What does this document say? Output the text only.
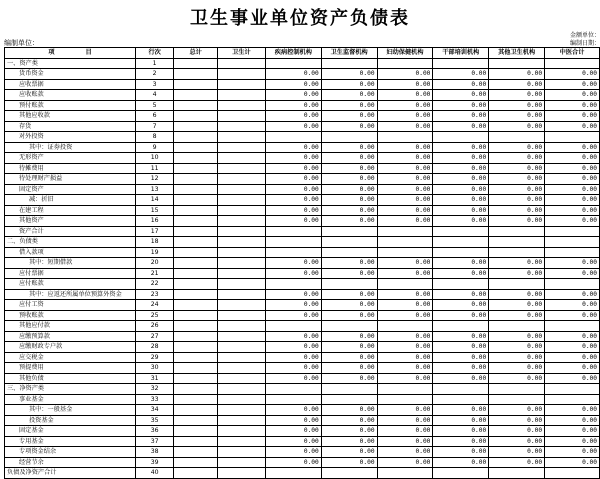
卫生事业单位资产负债表
金额单位：
编制日期：
编制单位：
项　　　　　目	行次	总计	卫生计	疾病控制机构	卫生监督机构	妇幼保健机构	干部培训机构	其他卫生机构	中医合计
一、资产类	1								
货币资金	2			0.00	0.00	0.00	0.00	0.00	0.00
应收票据	3			0.00	0.00	0.00	0.00	0.00	0.00
应收账款	4			0.00	0.00	0.00	0.00	0.00	0.00
预付账款	5			0.00	0.00	0.00	0.00	0.00	0.00
其他应收款	6			0.00	0.00	0.00	0.00	0.00	0.00
存货	7			0.00	0.00	0.00	0.00	0.00	0.00
对外投资	8								
其中：证券投资	9			0.00	0.00	0.00	0.00	0.00	0.00
无形资产	10			0.00	0.00	0.00	0.00	0.00	0.00
待摊费用	11			0.00	0.00	0.00	0.00	0.00	0.00
待处理财产损益	12			0.00	0.00	0.00	0.00	0.00	0.00
固定资产	13			0.00	0.00	0.00	0.00	0.00	0.00
减：折旧	14			0.00	0.00	0.00	0.00	0.00	0.00
在建工程	15			0.00	0.00	0.00	0.00	0.00	0.00
其他资产	16			0.00	0.00	0.00	0.00	0.00	0.00
资产合计	17								
二、负债类	18								
借入款项	19								
其中：短期借款	20			0.00	0.00	0.00	0.00	0.00	0.00
应付票据	21			0.00	0.00	0.00	0.00	0.00	0.00
应付账款	22								
其中：应返还所属单位预算外资金	23			0.00	0.00	0.00	0.00	0.00	0.00
应付工资	24			0.00	0.00	0.00	0.00	0.00	0.00
预收账款	25			0.00	0.00	0.00	0.00	0.00	0.00
其他应付款	26								
应缴预算款	27			0.00	0.00	0.00	0.00	0.00	0.00
应缴财政专户款	28			0.00	0.00	0.00	0.00	0.00	0.00
应交税金	29			0.00	0.00	0.00	0.00	0.00	0.00
预提费用	30			0.00	0.00	0.00	0.00	0.00	0.00
其他负债	31			0.00	0.00	0.00	0.00	0.00	0.00
三、净资产类	32								
事业基金	33								
其中：一般基金	34			0.00	0.00	0.00	0.00	0.00	0.00
投资基金	35			0.00	0.00	0.00	0.00	0.00	0.00
固定基金	36			0.00	0.00	0.00	0.00	0.00	0.00
专用基金	37			0.00	0.00	0.00	0.00	0.00	0.00
专项资金结余	38			0.00	0.00	0.00	0.00	0.00	0.00
经营节余	39			0.00	0.00	0.00	0.00	0.00	0.00
负债及净资产合计	40								
